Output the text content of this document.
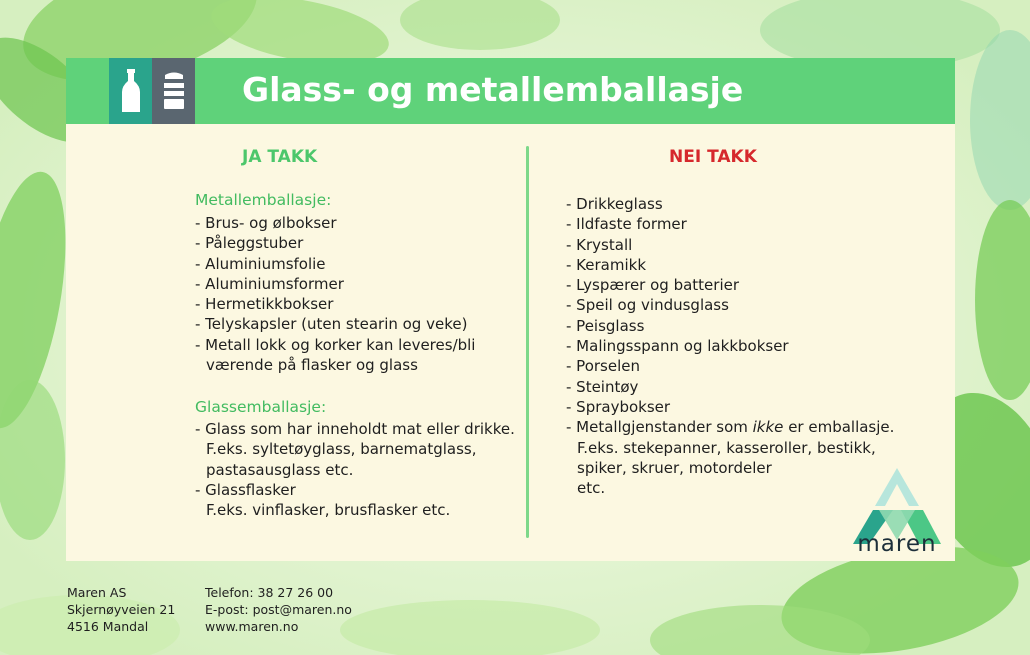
Glass- og metallemballasje
JA TAKK	NEI TAKK
Metallemballasje:
- Brus- og ølbokser
- Påleggstuber
- Aluminiumsfolie
- Aluminiumsformer
- Hermetikkbokser
- Telyskapsler (uten stearin og veke)
- Metall lokk og korker kan leveres/bli
værende på flasker og glass
Glassemballasje:
- Glass som har inneholdt mat eller drikke.
F.eks. syltetøyglass, barnematglass,
pastasausglass etc.
- Glassflasker
F.eks. vinflasker, brusflasker etc.
- Drikkeglass
- Ildfaste former
- Krystall
- Keramikk
- Lyspærer og batterier
- Speil og vindusglass
- Peisglass
- Malingsspann og lakkbokser
- Porselen
- Steintøy
- Spraybokser
- Metallgjenstander som ikke er emballasje.
F.eks. stekepanner, kasseroller, bestikk,
spiker, skruer, motordeler
etc.
maren
Maren AS
Skjernøyveien 21
4516 Mandal
Telefon: 38 27 26 00
E-post: post@maren.no
www.maren.no
